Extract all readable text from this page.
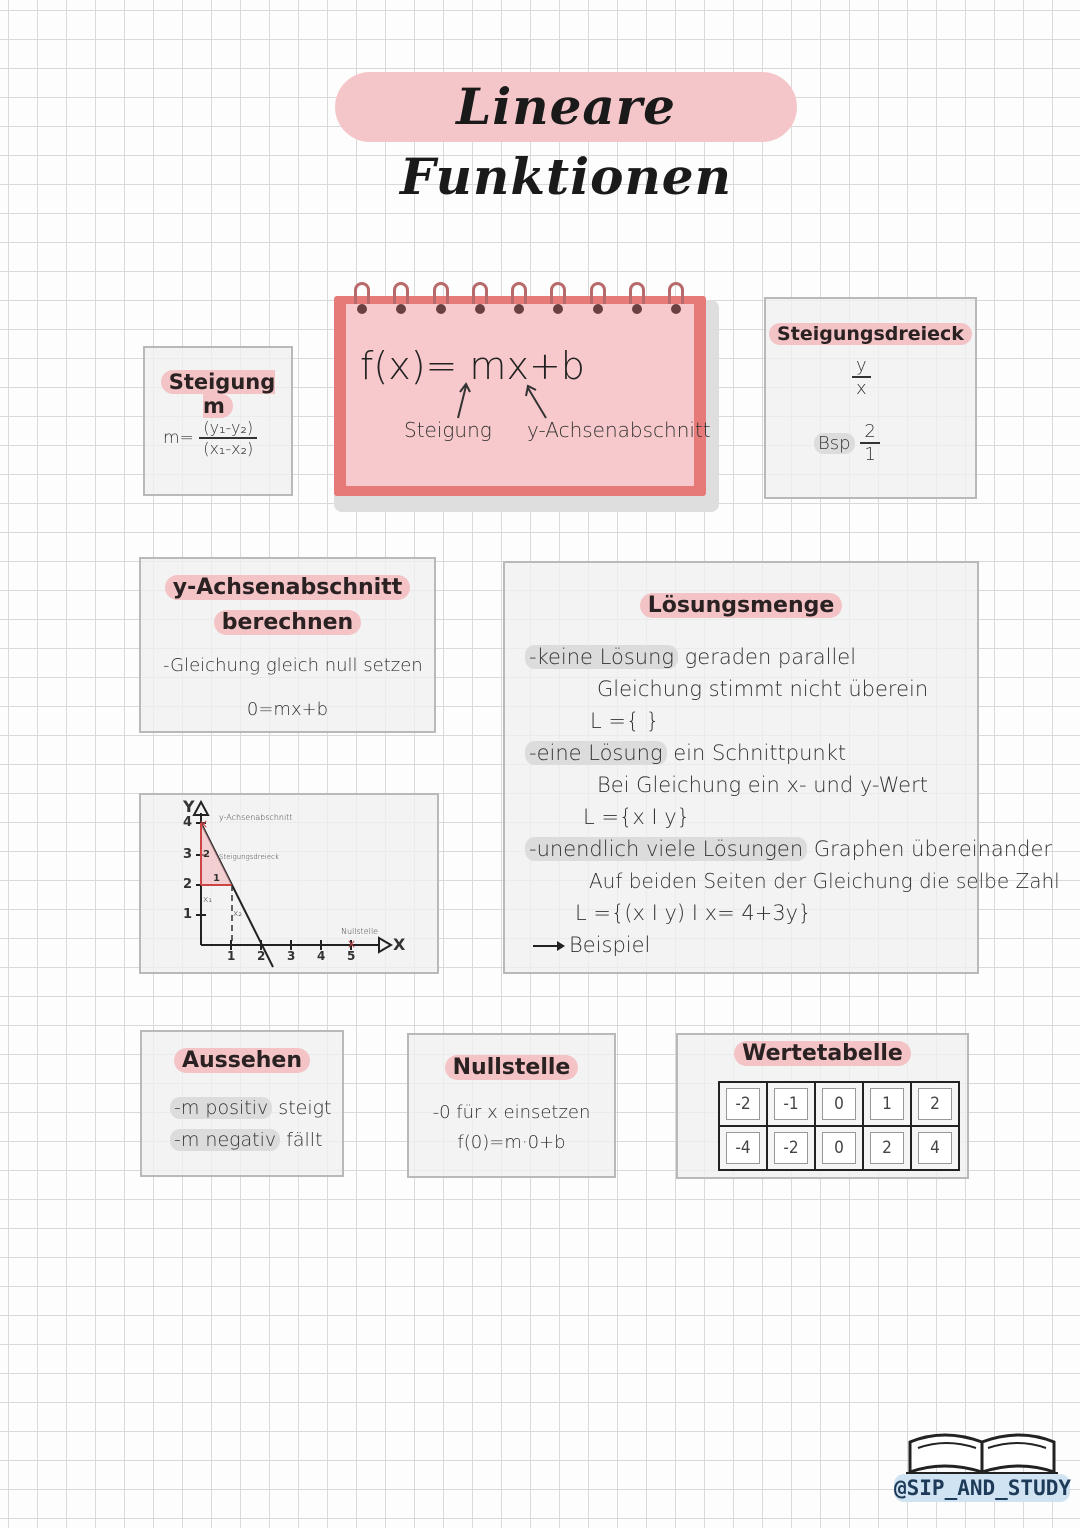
Lineare Funktionen
Steigung m
$m= \frac{\text{(y₁-y₂)}}{\text{(x₁-x₂)}}$
f(x)= mx+b
Steigung y-Achsenabschnitt
Steigungsdreieck
$\frac{y}{x}$
Bsp $\frac{2}{1}$
y-Achsenabschnitt
berechnen
-Gleichung gleich null setzen
0=mx+b
×
×
Y
X
y-Achsenabschnitt
Steigungsdreieck
Nullstelle
4
3
2
1
1 2 3 4 5
1
2
x₁
x₂
Lösungsmenge
-keine Lösung geraden parallel
Gleichung stimmt nicht überein
L ={ }
-eine Lösung ein Schnittpunkt
Bei Gleichung ein x- und y-Wert
L ={x I y}
-unendlich viele Lösungen Graphen übereinander
Auf beiden Seiten der Gleichung die selbe Zahl
L ={(x I y) I x= 4+3y}
Beispiel
Aussehen
-m positiv steigt
-m negativ fällt
Nullstelle
-0 für x einsetzen
f(0)=m·0+b
Wertetabelle
-2	-1	0	1	2
-4	-2	0	2	4
@SIP_AND_STUDY
